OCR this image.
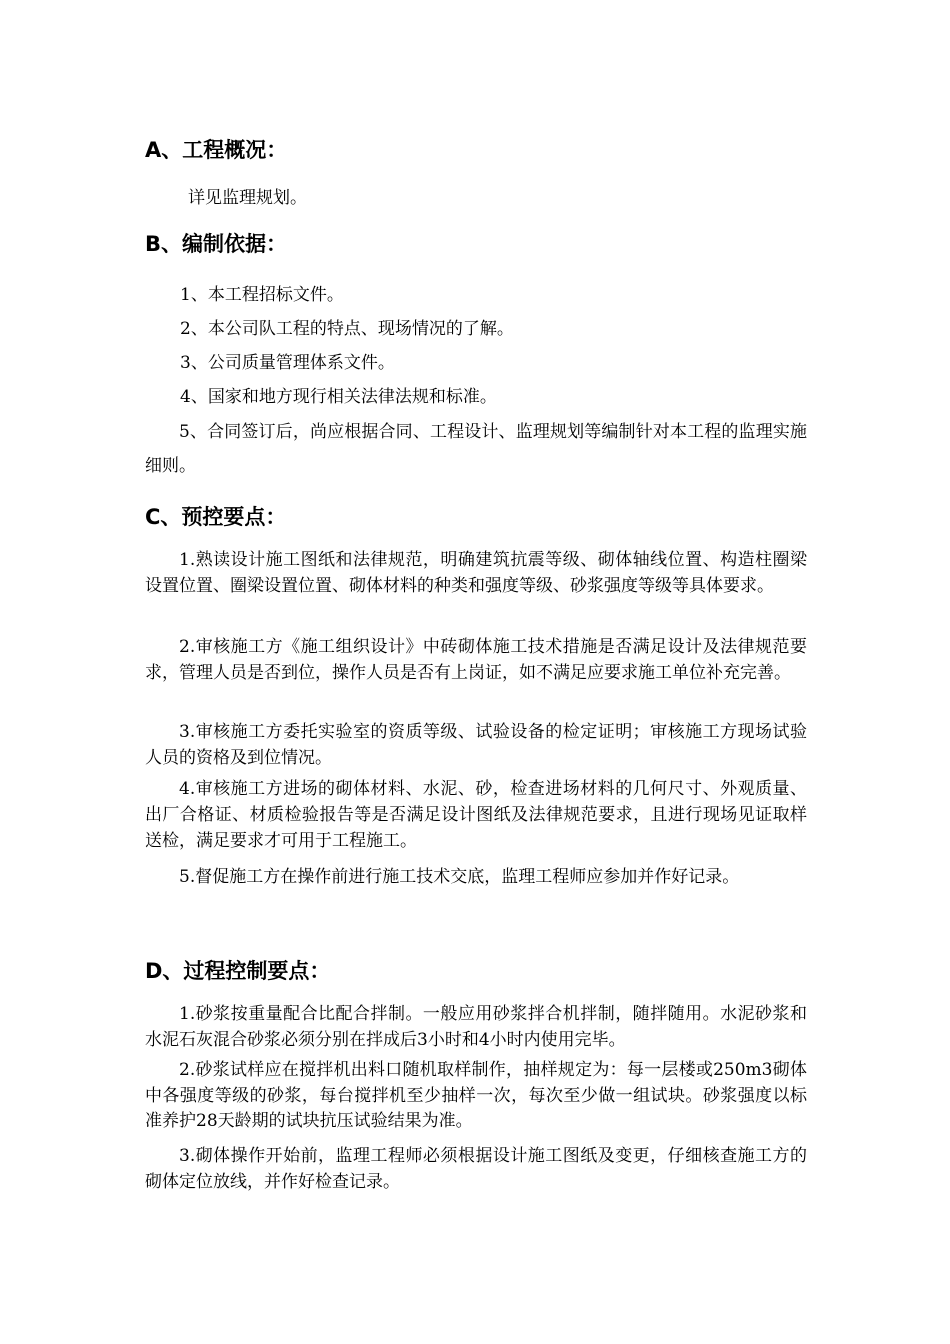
A、工程概况：

详见监理规划。

B、编制依据：

1、本工程招标文件。

2、本公司队工程的特点、现场情况的了解。

3、公司质量管理体系文件。

4、国家和地方现行相关法律法规和标准。

5、合同签订后，尚应根据合同、工程设计、监理规划等编制针对本工程的监理实施细则。

C、预控要点：

1.熟读设计施工图纸和法律规范，明确建筑抗震等级、砌体轴线位置、构造柱圈梁设置位置、圈梁设置位置、砌体材料的种类和强度等级、砂浆强度等级等具体要求。

2.审核施工方《施工组织设计》中砖砌体施工技术措施是否满足设计及法律规范要求，管理人员是否到位，操作人员是否有上岗证，如不满足应要求施工单位补充完善。

3.审核施工方委托实验室的资质等级、试验设备的检定证明；审核施工方现场试验人员的资格及到位情况。

4.审核施工方进场的砌体材料、水泥、砂，检查进场材料的几何尺寸、外观质量、出厂合格证、材质检验报告等是否满足设计图纸及法律规范要求，且进行现场见证取样送检，满足要求才可用于工程施工。

5.督促施工方在操作前进行施工技术交底，监理工程师应参加并作好记录。

D、过程控制要点：

1.砂浆按重量配合比配合拌制。一般应用砂浆拌合机拌制，随拌随用。水泥砂浆和水泥石灰混合砂浆必须分别在拌成后3小时和4小时内使用完毕。

2.砂浆试样应在搅拌机出料口随机取样制作，抽样规定为：每一层楼或250m3砌体中各强度等级的砂浆，每台搅拌机至少抽样一次，每次至少做一组试块。砂浆强度以标准养护28天龄期的试块抗压试验结果为准。

3.砌体操作开始前，监理工程师必须根据设计施工图纸及变更，仔细核查施工方的砌体定位放线，并作好检查记录。
